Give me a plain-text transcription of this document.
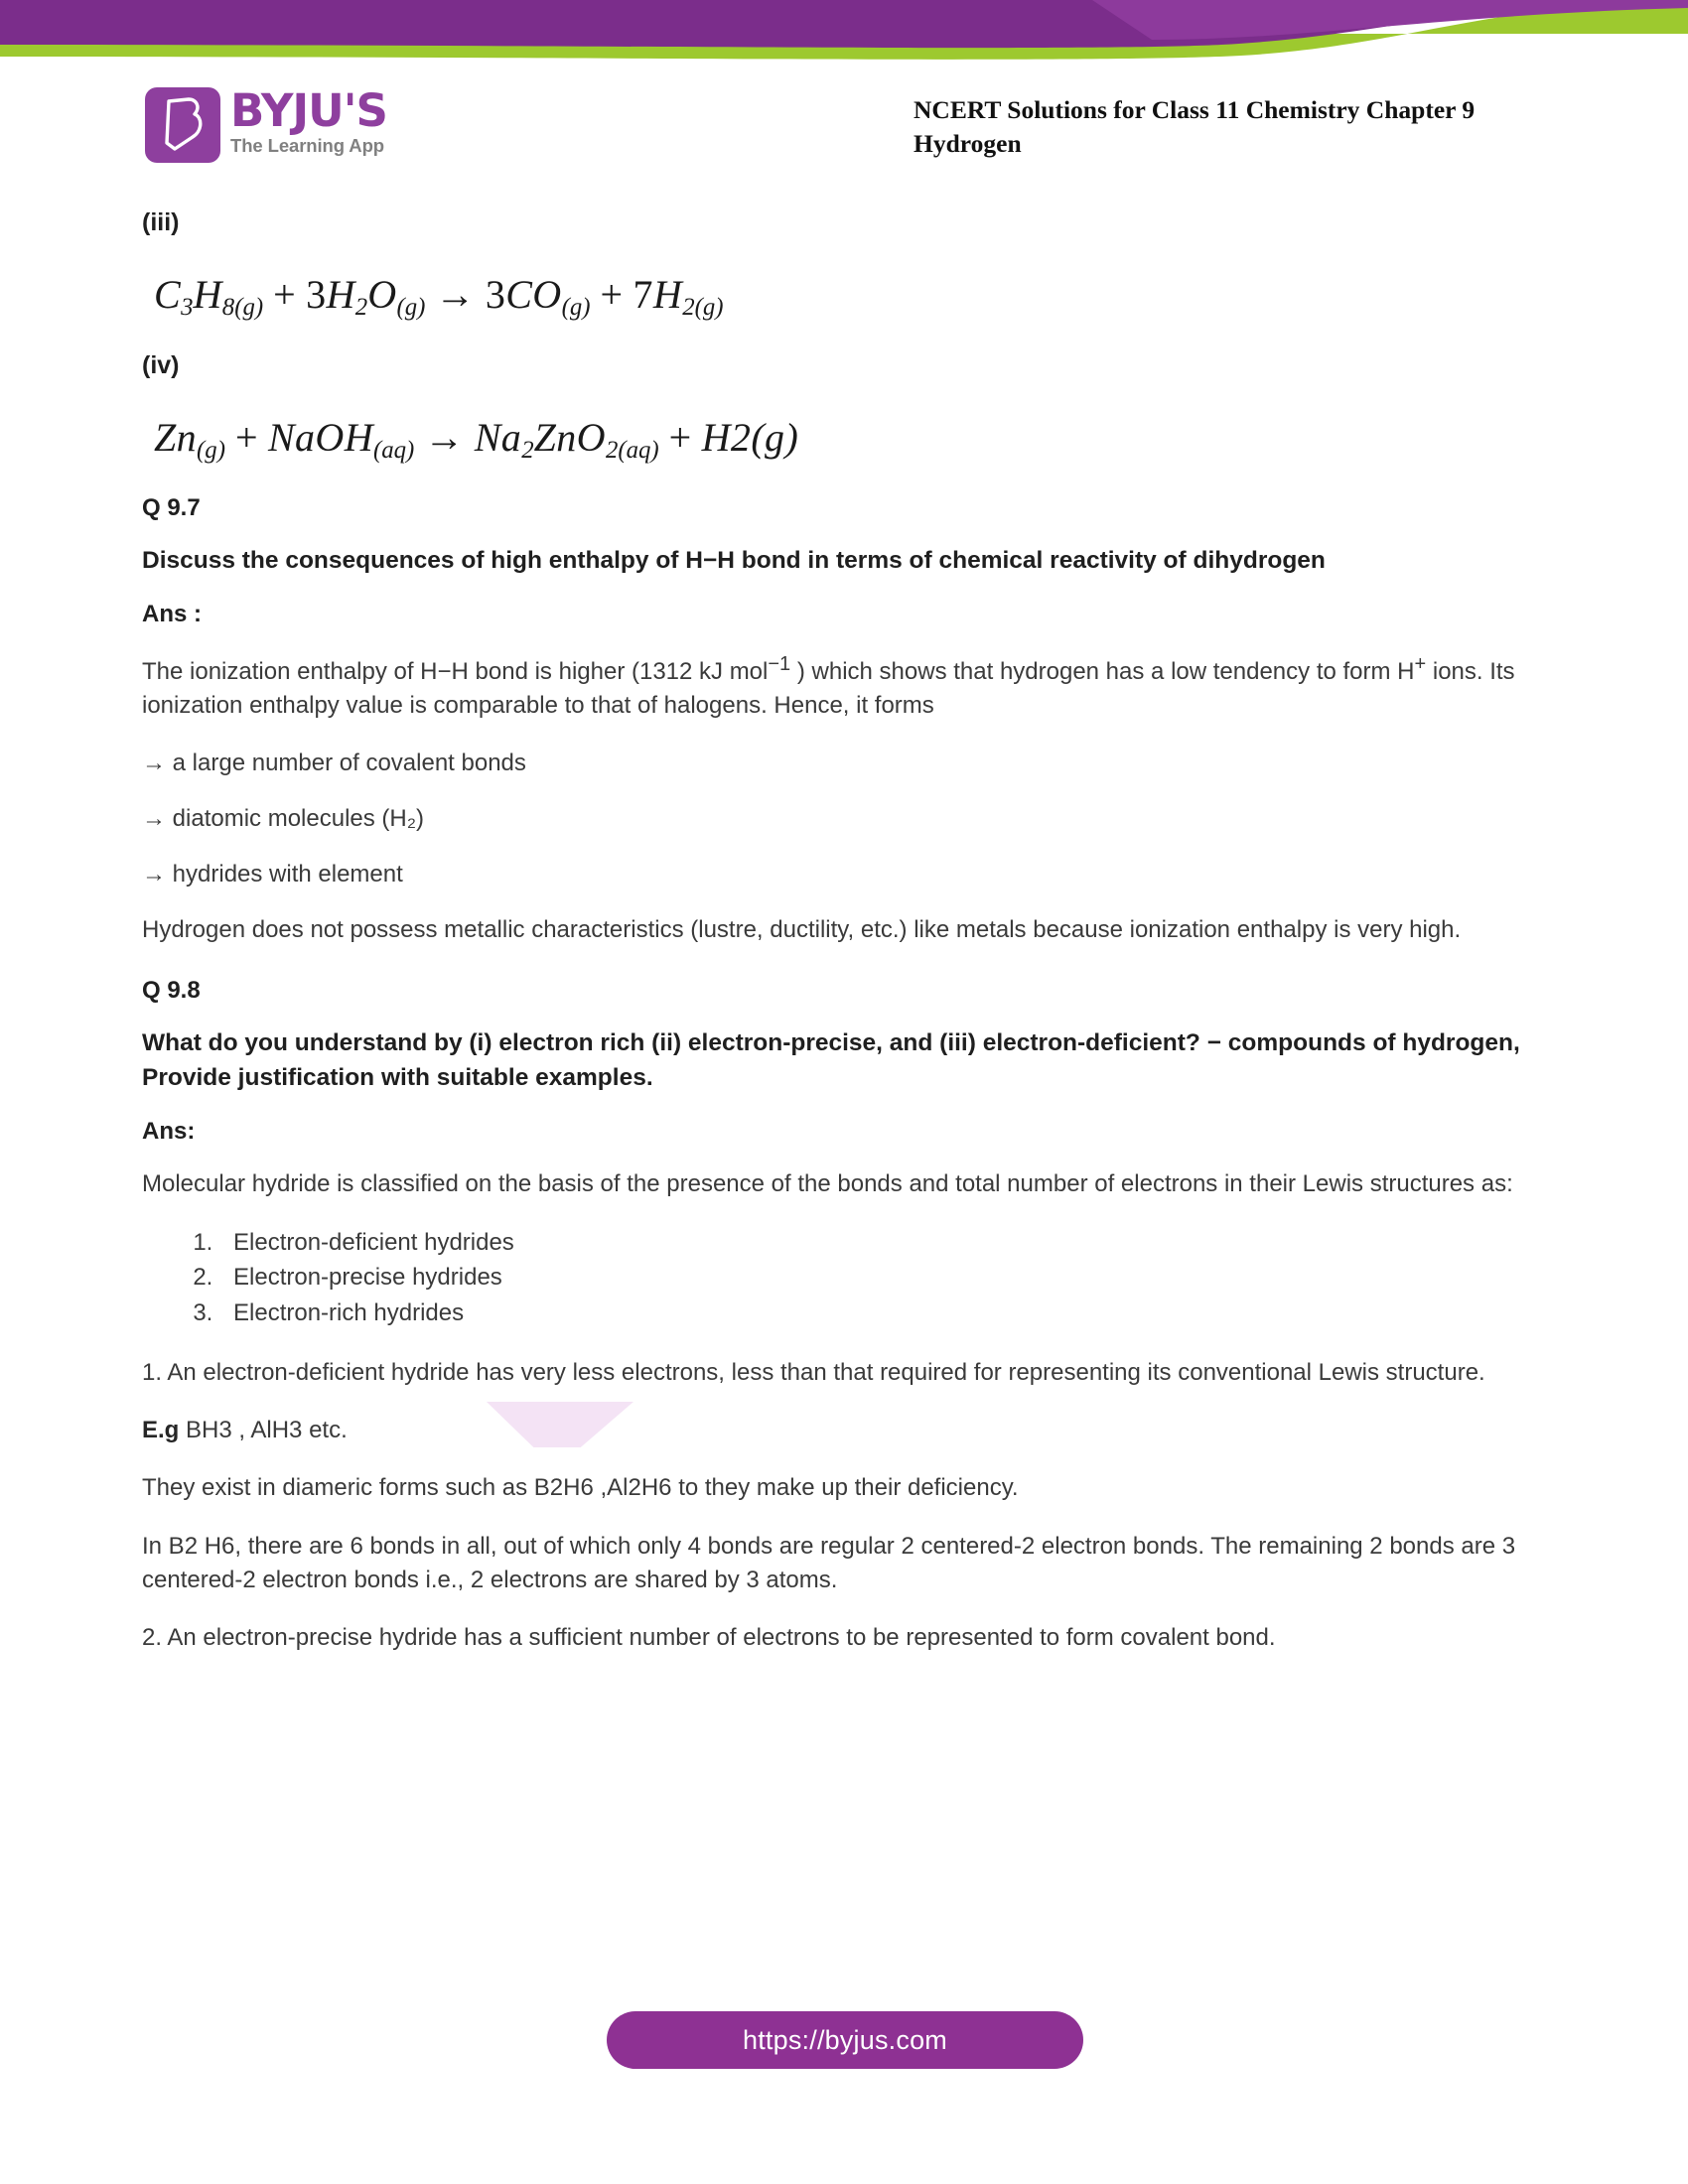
BYJU'S
The Learning App
NCERT Solutions for Class 11 Chemistry Chapter 9
Hydrogen
(iii)
$C_3H_{8(g)} + 3H_2O_{(g)} \to 3CO_{(g)} + 7H_{2(g)}$
(iv)
$Zn_{(g)}$ + NaOH$_{(aq)}$ → $Na_2ZnO_{2(aq)} + H2(g)$
Q 9.7
Discuss the consequences of high enthalpy of H−H bond in terms of chemical reactivity of dihydrogen
Ans :

The ionization enthalpy of H−H bond is higher (1312 kJ mol$^{-1}$ ) which shows that hydrogen has a low tendency to form H+ ions. Its ionization enthalpy value is comparable to that of halogens. Hence, it forms

→ a large number of covalent bonds
→ diatomic molecules (H₂)
→ hydrides with element

Hydrogen does not possess metallic characteristics (lustre, ductility, etc.) like metals because ionization enthalpy is very high.

Q 9.8
What do you understand by (i) electron rich (ii) electron-precise, and (iii) electron-deficient? − compounds of hydrogen, Provide justification with suitable examples.
Ans:

Molecular hydride is classified on the basis of the presence of the bonds and total number of electrons in their Lewis structures as:

1. Electron-deficient hydrides
2. Electron-precise hydrides
3. Electron-rich hydrides

1. An electron-deficient hydride has very less electrons, less than that required for representing its conventional Lewis structure.

E.g BH3 , AlH3 etc.

They exist in diameric forms such as B2H6 ,Al2H6 to they make up their deficiency.

In B2 H6, there are 6 bonds in all, out of which only 4 bonds are regular 2 centered-2 electron bonds. The remaining 2 bonds are 3 centered-2 electron bonds i.e., 2 electrons are shared by 3 atoms.

2. An electron-precise hydride has a sufficient number of electrons to be represented to form covalent bond.

https://byjus.com
